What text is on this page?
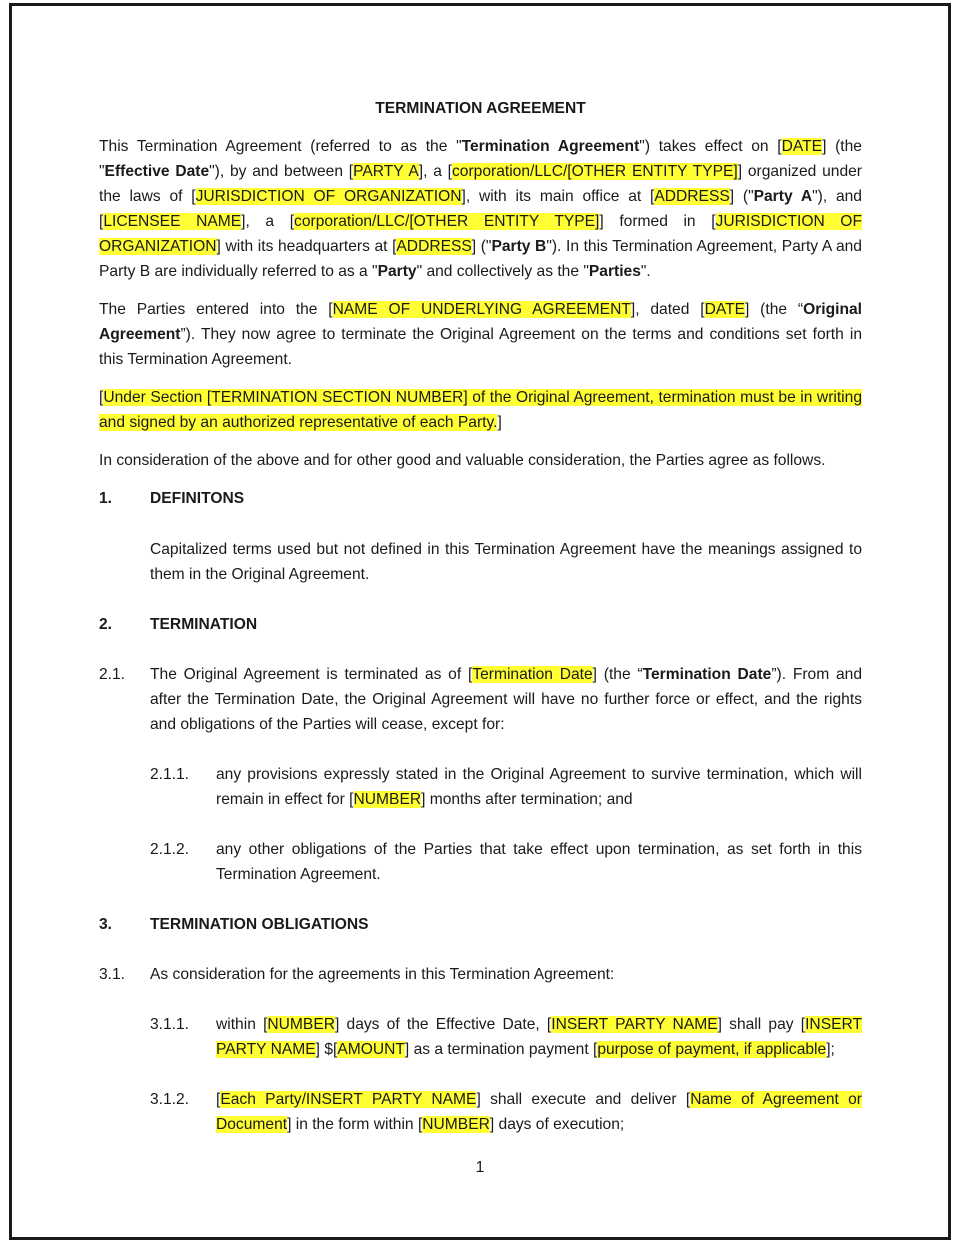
TERMINATION AGREEMENT

This Termination Agreement (referred to as the "Termination Agreement") takes effect on [DATE] (the "Effective Date"), by and between [PARTY A], a [corporation/LLC/[OTHER ENTITY TYPE]] organized under the laws of [JURISDICTION OF ORGANIZATION], with its main office at [ADDRESS] ("Party A"), and [LICENSEE NAME], a [corporation/LLC/[OTHER ENTITY TYPE]] formed in [JURISDICTION OF ORGANIZATION] with its headquarters at [ADDRESS] ("Party B"). In this Termination Agreement, Party A and Party B are individually referred to as a "Party" and collectively as the "Parties".

The Parties entered into the [NAME OF UNDERLYING AGREEMENT], dated [DATE] (the “Original Agreement”). They now agree to terminate the Original Agreement on the terms and conditions set forth in this Termination Agreement.

[Under Section [TERMINATION SECTION NUMBER] of the Original Agreement, termination must be in writing and signed by an authorized representative of each Party.]

In consideration of the above and for other good and valuable consideration, the Parties agree as follows.

1. DEFINITONS

Capitalized terms used but not defined in this Termination Agreement have the meanings assigned to them in the Original Agreement.

2. TERMINATION

2.1. The Original Agreement is terminated as of [Termination Date] (the “Termination Date”). From and after the Termination Date, the Original Agreement will have no further force or effect, and the rights and obligations of the Parties will cease, except for:

2.1.1. any provisions expressly stated in the Original Agreement to survive termination, which will remain in effect for [NUMBER] months after termination; and

2.1.2. any other obligations of the Parties that take effect upon termination, as set forth in this Termination Agreement.

3. TERMINATION OBLIGATIONS

3.1. As consideration for the agreements in this Termination Agreement:

3.1.1. within [NUMBER] days of the Effective Date, [INSERT PARTY NAME] shall pay [INSERT PARTY NAME] $[AMOUNT] as a termination payment [purpose of payment, if applicable];

3.1.2. [Each Party/INSERT PARTY NAME] shall execute and deliver [Name of Agreement or Document] in the form within [NUMBER] days of execution;

1
